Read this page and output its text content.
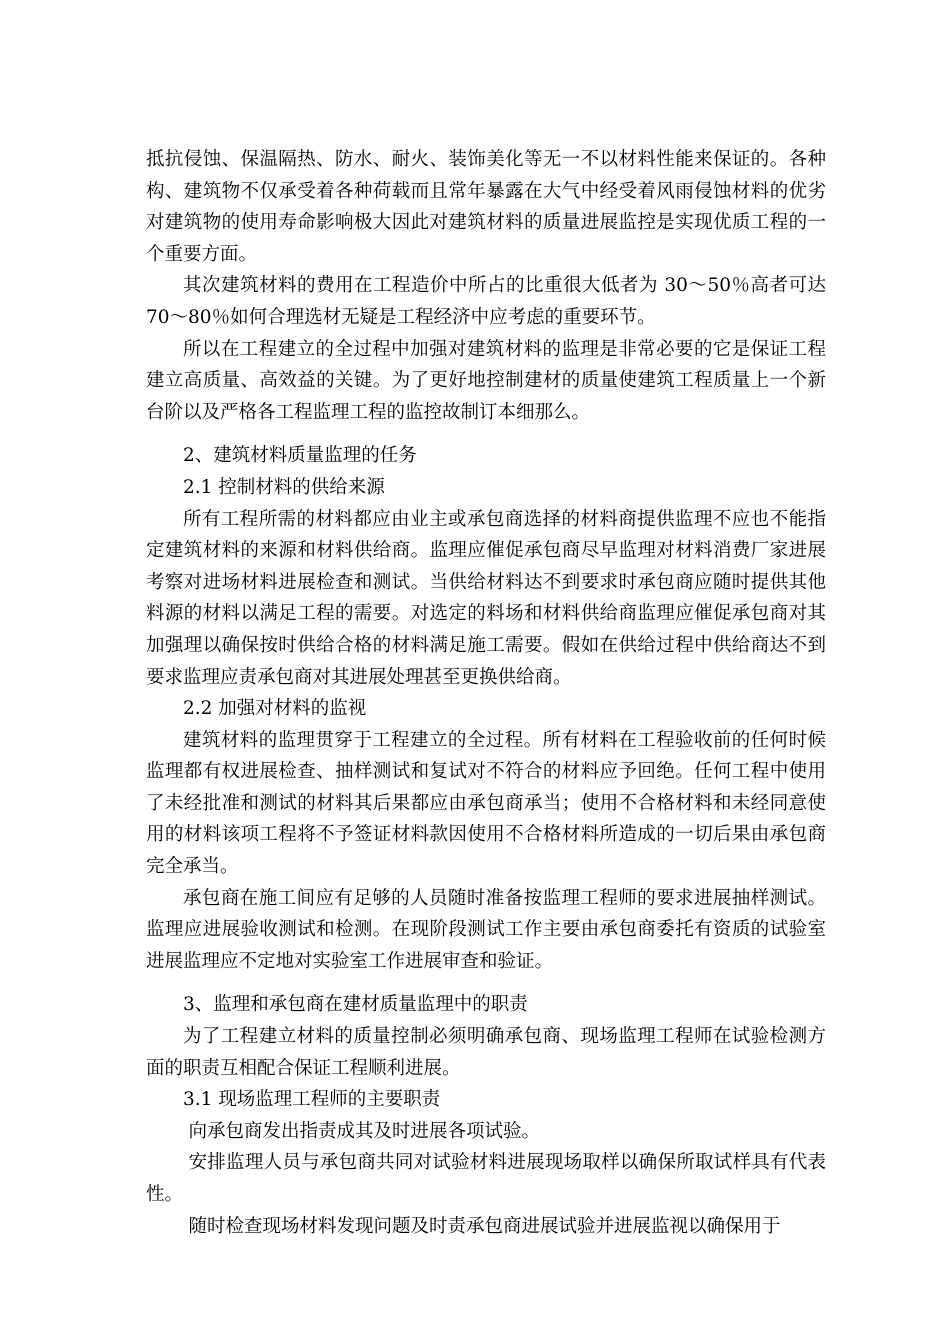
抵抗侵蚀、保温隔热、防水、耐火、装饰美化等无一不以材料性能来保证的。各种构、建筑物不仅承受着各种荷载而且常年暴露在大气中经受着风雨侵蚀材料的优劣对建筑物的使用寿命影响极大因此对建筑材料的质量进展监控是实现优质工程的一个重要方面。

其次建筑材料的费用在工程造价中所占的比重很大低者为 30～50％高者可达 70～80％如何合理选材无疑是工程经济中应考虑的重要环节。

所以在工程建立的全过程中加强对建筑材料的监理是非常必要的它是保证工程建立高质量、高效益的关键。为了更好地控制建材的质量使建筑工程质量上一个新台阶以及严格各工程监理工程的监控故制订本细那么。

2、建筑材料质量监理的任务

2.1 控制材料的供给来源

所有工程所需的材料都应由业主或承包商选择的材料商提供监理不应也不能指定建筑材料的来源和材料供给商。监理应催促承包商尽早监理对材料消费厂家进展考察对进场材料进展检查和测试。当供给材料达不到要求时承包商应随时提供其他料源的材料以满足工程的需要。对选定的料场和材料供给商监理应催促承包商对其加强理以确保按时供给合格的材料满足施工需要。假如在供给过程中供给商达不到要求监理应责承包商对其进展处理甚至更换供给商。

2.2 加强对材料的监视

建筑材料的监理贯穿于工程建立的全过程。所有材料在工程验收前的任何时候监理都有权进展检查、抽样测试和复试对不符合的材料应予回绝。任何工程中使用了未经批准和测试的材料其后果都应由承包商承当；使用不合格材料和未经同意使用的材料该项工程将不予签证材料款因使用不合格材料所造成的一切后果由承包商完全承当。

承包商在施工间应有足够的人员随时准备按监理工程师的要求进展抽样测试。监理应进展验收测试和检测。在现阶段测试工作主要由承包商委托有资质的试验室进展监理应不定地对实验室工作进展审查和验证。

3、监理和承包商在建材质量监理中的职责

为了工程建立材料的质量控制必须明确承包商、现场监理工程师在试验检测方面的职责互相配合保证工程顺利进展。

3.1 现场监理工程师的主要职责

向承包商发出指责成其及时进展各项试验。

安排监理人员与承包商共同对试验材料进展现场取样以确保所取试样具有代表性。

随时检查现场材料发现问题及时责承包商进展试验并进展监视以确保用于
